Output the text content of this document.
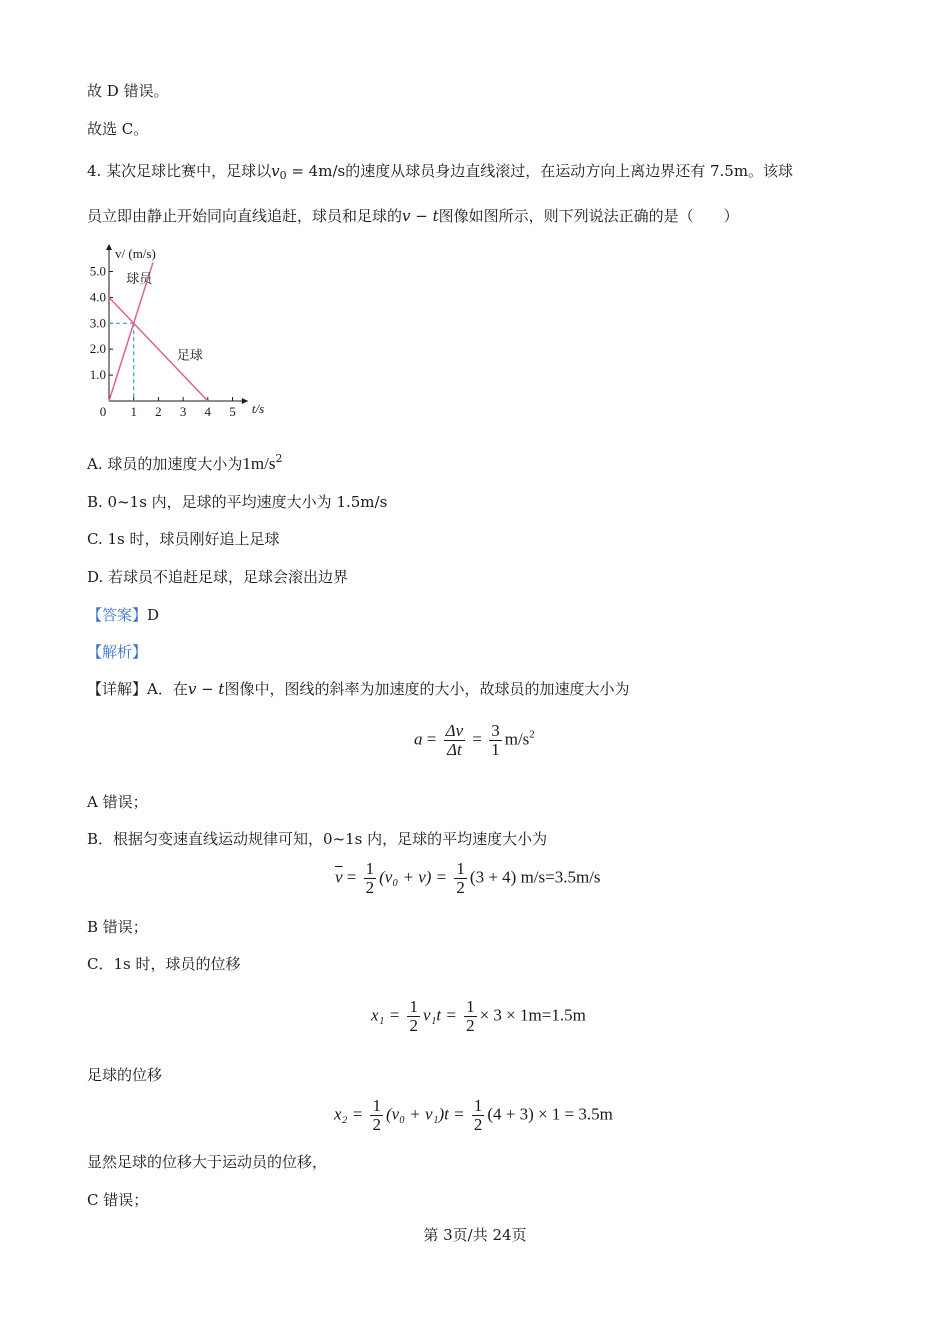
故 D 错误。
故选 C。
4. 某次足球比赛中，足球以$v_0 = 4m/s$的速度从球员身边直线滚过，在运动方向上离边界还有 7.5m。该球
员立即由静止开始同向直线追赶，球员和足球的v − t图像如图所示，则下列说法正确的是（　　）
1 2 3 4 5
1.0
2.0
3.0
4.0
5.0
0	t/s
v/ (m/s)
球员
足球
A. 球员的加速度大小为$1m/s^2$
B. 0~1s 内，足球的平均速度大小为 1.5m/s
C. 1s 时，球员刚好追上足球
D. 若球员不追赶足球，足球会滚出边界
【答案】D
【解析】
【详解】A．在v − t图像中，图线的斜率为加速度的大小，故球员的加速度大小为
$a = \frac{\Delta v}{\Delta t} = \frac{3}{1} m/s^2$
A 错误；
B．根据匀变速直线运动规律可知，0~1s 内，足球的平均速度大小为
$\overline{v} = \frac{1}{2} (v_0 + v) = \frac{1}{2} (3 + 4)$ m/s=3.5m/s
B 错误；
C．1s 时，球员的位移
$x_1 = \frac{1}{2} v_1t = \frac{1}{2} \times 3 \times 1m=1.5m$
足球的位移
$x_2 = \frac{1}{2} (v_0 + v_1)t = \frac{1}{2} (4 + 3) \times 1 = 3.5m$
显然足球的位移大于运动员的位移，
C 错误；
第 3页/共 24页
